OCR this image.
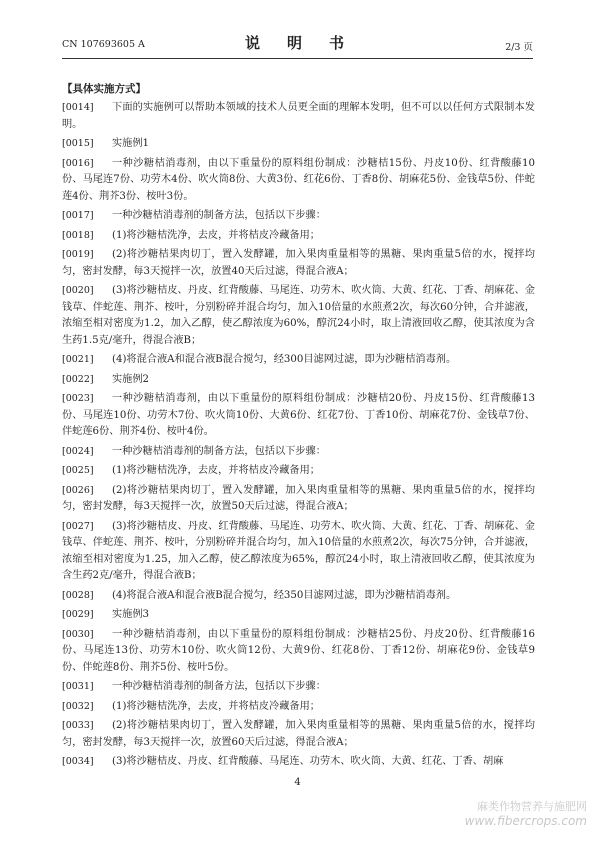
CN 107693605 A	说　明　书	2/3 页
【具体实施方式】
[0014]	下面的实施例可以帮助本领域的技术人员更全面的理解本发明，但不可以以任何方式限制本发明。
[0015]	实施例1
[0016]	一种沙糖桔消毒剂，由以下重量份的原料组份制成：沙糖桔15份、丹皮10份、红背酸藤10份、马尾连7份、功劳木4份、吹火筒8份、大黄3份、红花6份、丁香8份、胡麻花5份、金钱草5份、伴蛇莲4份、荆芥3份、桉叶3份。
[0017]	一种沙糖桔消毒剂的制备方法，包括以下步骤：
[0018]	(1)将沙糖桔洗净，去皮，并将桔皮冷藏备用；
[0019]	(2)将沙糖桔果肉切丁，置入发酵罐，加入果肉重量相等的黑糖、果肉重量5倍的水，搅拌均匀，密封发酵，每3天搅拌一次，放置40天后过滤，得混合液A；
[0020]	(3)将沙糖桔皮、丹皮、红背酸藤、马尾连、功劳木、吹火筒、大黄、红花、丁香、胡麻花、金钱草、伴蛇莲、荆芥、桉叶，分别粉碎并混合均匀，加入10倍量的水煎煮2次，每次60分钟，合并滤液，浓缩至相对密度为1.2，加入乙醇，使乙醇浓度为60%，醇沉24小时，取上清液回收乙醇，使其浓度为含生药1.5克/毫升，得混合液B；
[0021]	(4)将混合液A和混合液B混合搅匀，经300目滤网过滤，即为沙糖桔消毒剂。
[0022]	实施例2
[0023]	一种沙糖桔消毒剂，由以下重量份的原料组份制成：沙糖桔20份、丹皮15份、红背酸藤13份、马尾连10份、功劳木7份、吹火筒10份、大黄6份、红花7份、丁香10份、胡麻花7份、金钱草7份、伴蛇莲6份、荆芥4份、桉叶4份。
[0024]	一种沙糖桔消毒剂的制备方法，包括以下步骤：
[0025]	(1)将沙糖桔洗净，去皮，并将桔皮冷藏备用；
[0026]	(2)将沙糖桔果肉切丁，置入发酵罐，加入果肉重量相等的黑糖、果肉重量5倍的水，搅拌均匀，密封发酵，每3天搅拌一次，放置50天后过滤，得混合液A；
[0027]	(3)将沙糖桔皮、丹皮、红背酸藤、马尾连、功劳木、吹火筒、大黄、红花、丁香、胡麻花、金钱草、伴蛇莲、荆芥、桉叶，分别粉碎并混合均匀，加入10倍量的水煎煮2次，每次75分钟，合并滤液，浓缩至相对密度为1.25，加入乙醇，使乙醇浓度为65%，醇沉24小时，取上清液回收乙醇，使其浓度为含生药2克/毫升，得混合液B；
[0028]	(4)将混合液A和混合液B混合搅匀，经350目滤网过滤，即为沙糖桔消毒剂。
[0029]	实施例3
[0030]	一种沙糖桔消毒剂，由以下重量份的原料组份制成：沙糖桔25份、丹皮20份、红背酸藤16份、马尾连13份、功劳木10份、吹火筒12份、大黄9份、红花8份、丁香12份、胡麻花9份、金钱草9份、伴蛇莲8份、荆芥5份、桉叶5份。
[0031]	一种沙糖桔消毒剂的制备方法，包括以下步骤：
[0032]	(1)将沙糖桔洗净，去皮，并将桔皮冷藏备用；
[0033]	(2)将沙糖桔果肉切丁，置入发酵罐，加入果肉重量相等的黑糖、果肉重量5倍的水，搅拌均匀，密封发酵，每3天搅拌一次，放置60天后过滤，得混合液A；
[0034]	(3)将沙糖桔皮、丹皮、红背酸藤、马尾连、功劳木、吹火筒、大黄、红花、丁香、胡麻
4
麻类作物营养与施肥网
www.fibercrops.com
